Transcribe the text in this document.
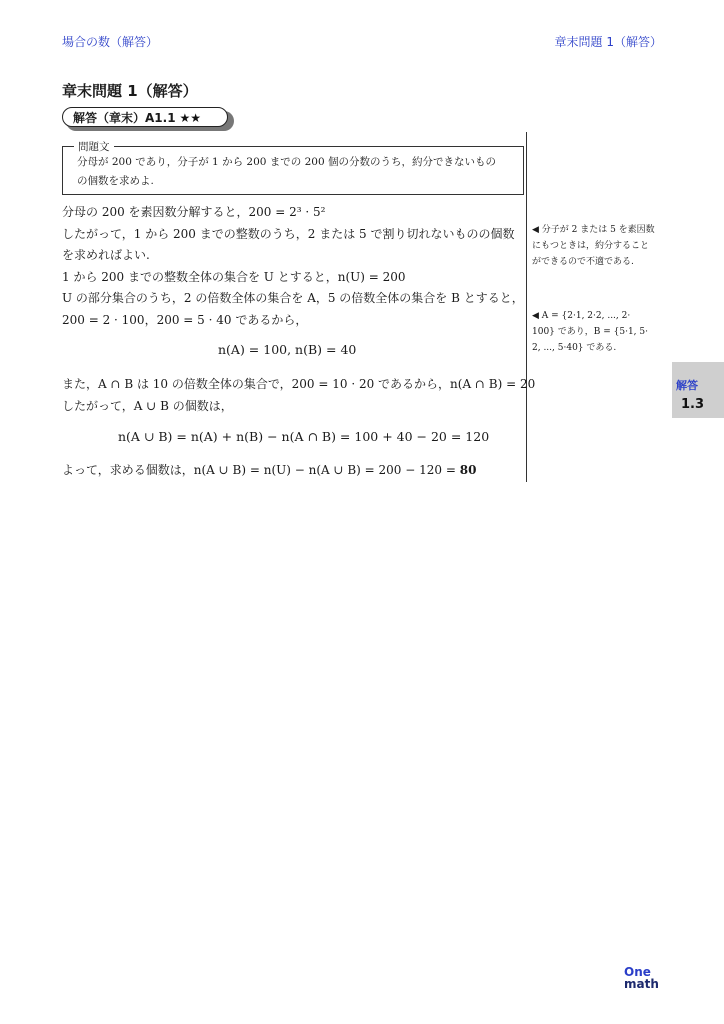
場合の数（解答）	章末問題 1（解答）
章末問題 1（解答）
解答（章末）A1.1 ★★
分母が 200 であり，分子が 1 から 200 までの 200 個の分数のうち，約分できないもの
の個数を求めよ.
問題文
分母の 200 を素因数分解すると，200 = 2³ · 5²
したがって，1 から 200 までの整数のうち，2 または 5 で割り切れないものの個数
を求めればよい.
1 から 200 までの整数全体の集合を U とすると，n(U) = 200
U の部分集合のうち，2 の倍数全体の集合を A，5 の倍数全体の集合を B とすると，
200 = 2 · 100，200 = 5 · 40 であるから，
n(A) = 100, n(B) = 40
また，A ∩ B は 10 の倍数全体の集合で，200 = 10 · 20 であるから，n(A ∩ B) = 20
したがって，A ∪ B の個数は，
n(A ∪ B) = n(A) + n(B) − n(A ∩ B) = 100 + 40 − 20 = 120
よって，求める個数は，n(A ∪ B) = n(U) − n(A ∪ B) = 200 − 120 = 80
◀ 分子が 2 または 5 を素因数
にもつときは，約分すること
ができるので不適である.
◀ A = {2·1, 2·2, ..., 2·
100} であり，B = {5·1, 5·
2, ..., 5·40} である.
解答
1.3
One
math
